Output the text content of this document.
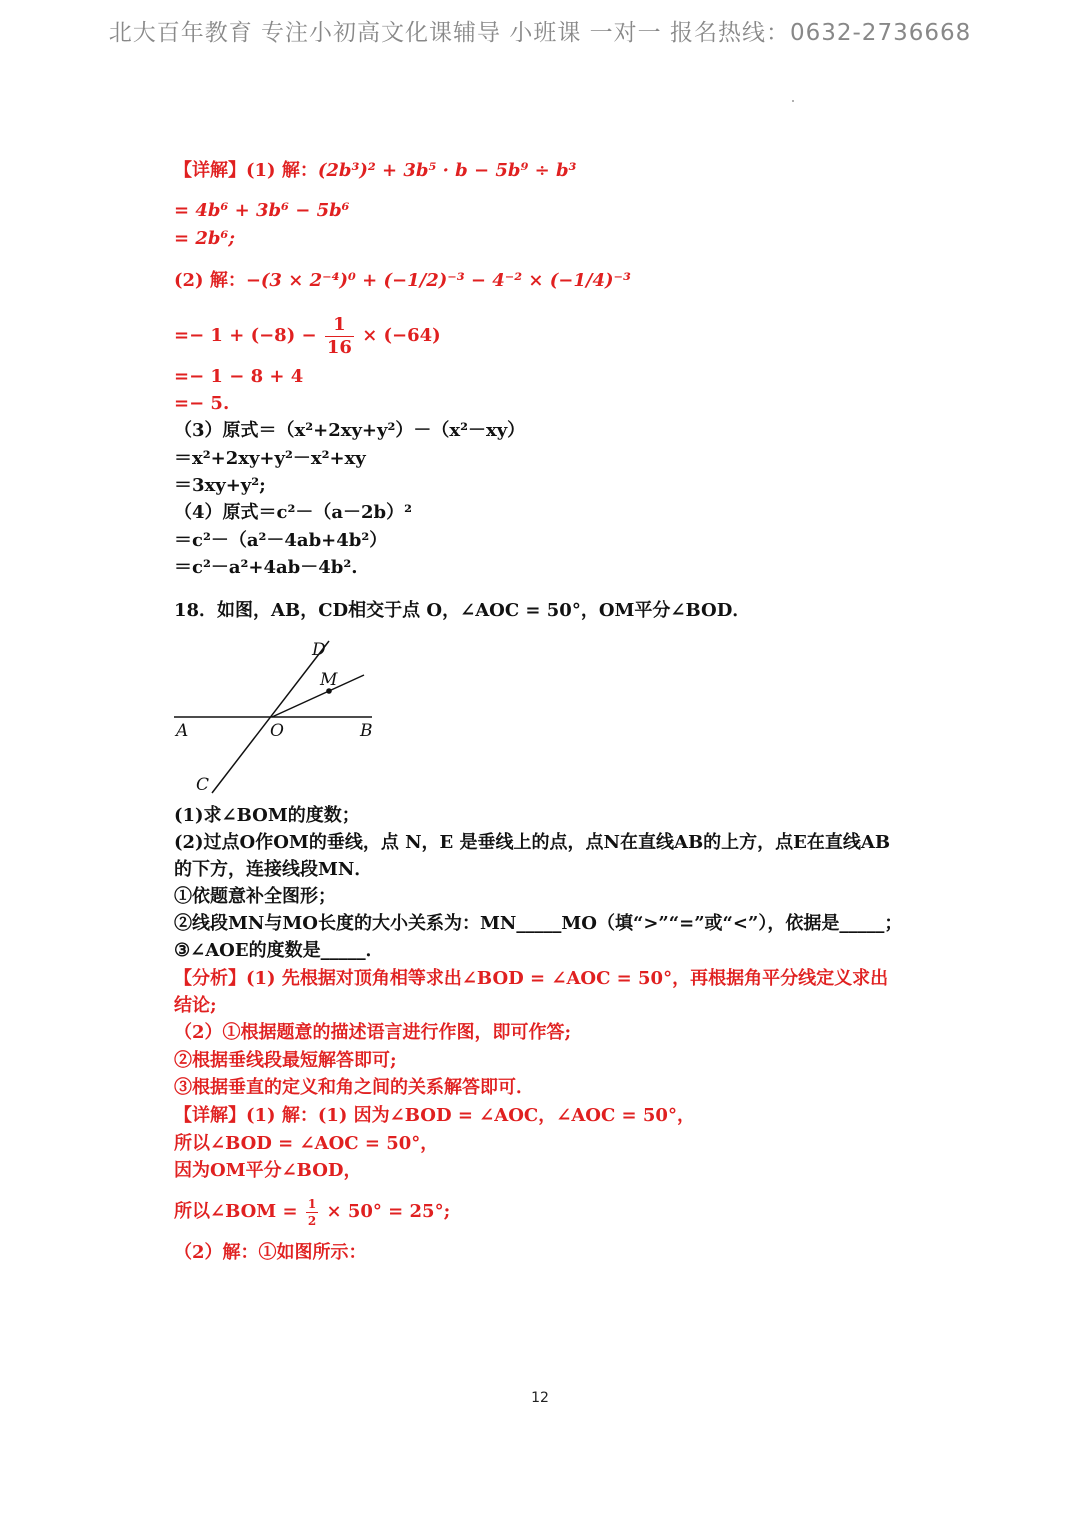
北大百年教育 专注小初高文化课辅导 小班课 一对一 报名热线：0632-2736668
【详解】(1) 解：(2b³)² + 3b⁵ · b − 5b⁹ ÷ b³
= 4b⁶ + 3b⁶ − 5b⁶
= 2b⁶;
(2) 解：−(3 × 2⁻⁴)⁰ + (−1/2)⁻³ − 4⁻² × (−1/4)⁻³
=− $1 + (-8) - \frac{1}{16} \times (-64)$
=− 1 − 8 + 4
=− 5.
（3）原式＝（x²+2xy+y²）－（x²－xy）
＝x²+2xy+y²－x²+xy
＝3xy+y²;
（4）原式＝c²－（a－2b）²
＝c²－（a²－4ab+4b²）
＝c²－a²+4ab－4b².
18．如图，AB，CD相交于点 O，∠AOC = 50°，OM平分∠BOD．
D
M
A	O	B
C
(1)求∠BOM的度数；
(2)过点O作OM的垂线，点 N，E 是垂线上的点，点N在直线AB的上方，点E在直线AB
的下方，连接线段MN．
①依题意补全图形；
②线段MN与MO长度的大小关系为：MN_____MO（填“>”“=”或“<”），依据是_____；
③∠AOE的度数是_____．
【分析】(1) 先根据对顶角相等求出∠BOD = ∠AOC = 50°，再根据角平分线定义求出
结论;
（2）①根据题意的描述语言进行作图，即可作答;
②根据垂线段最短解答即可;
③根据垂直的定义和角之间的关系解答即可．
【详解】(1) 解：(1) 因为∠BOD = ∠AOC，∠AOC = 50°，
所以∠BOD = ∠AOC = 50°，
因为OM平分∠BOD，
所以∠BOM = $\frac{1}{2} \times 50^\circ = 25^\circ$;
（2）解：①如图所示：
12
